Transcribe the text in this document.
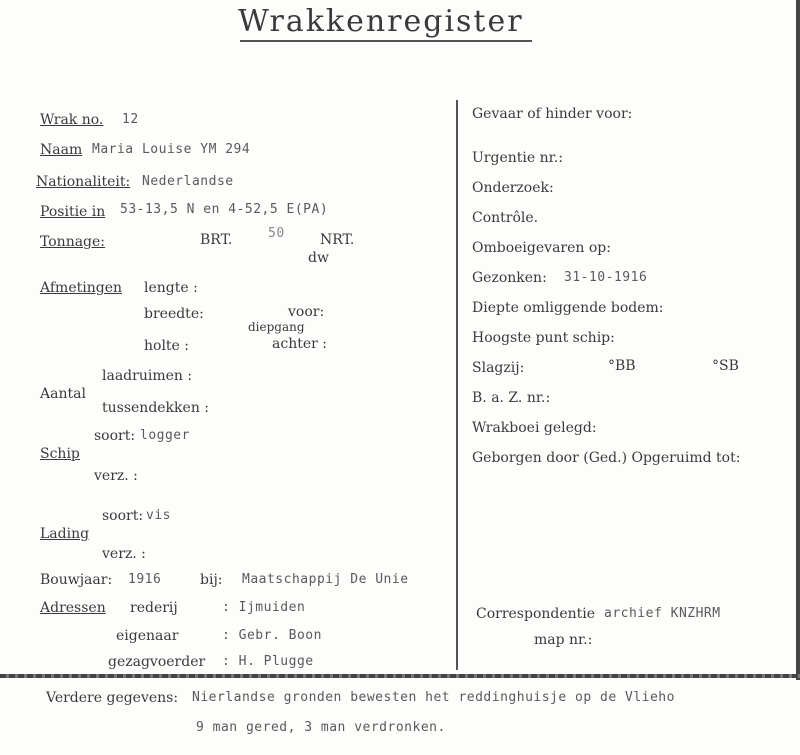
Wrakkenregister
Wrak no. 12
Naam Maria Louise YM 294
Nationaliteit: Nederlandse
Positie in 53-13,5 N en 4-52,5 E(PA)
Tonnage:	BRT.	50	NRT.
dw
Afmetingen lengte :
breedte:	voor:
diepgang
holte :	achter :
laadruimen :
Aantal
tussendekken :
soort: logger
Schip
verz. :
soort: vis
Lading
verz. :
Bouwjaar: 1916	bij: Maatschappij De Unie
Adressen rederij	: Ijmuiden
eigenaar	: Gebr. Boon
gezagvoerder : H. Plugge
Gevaar of hinder voor:
Urgentie nr.:
Onderzoek:
Contrôle.
Omboeigevaren op:
Gezonken: 31-10-1916
Diepte omliggende bodem:
Hoogste punt schip:
Slagzij:	°BB	°SB
B. a. Z. nr.:
Wrakboei gelegd:
Geborgen door (Ged.) Opgeruimd tot:
Correspondentie archief KNZHRM
map nr.:
Verdere gegevens: Nierlandse gronden bewesten het reddinghuisje op de Vlieho
9 man gered, 3 man verdronken.
